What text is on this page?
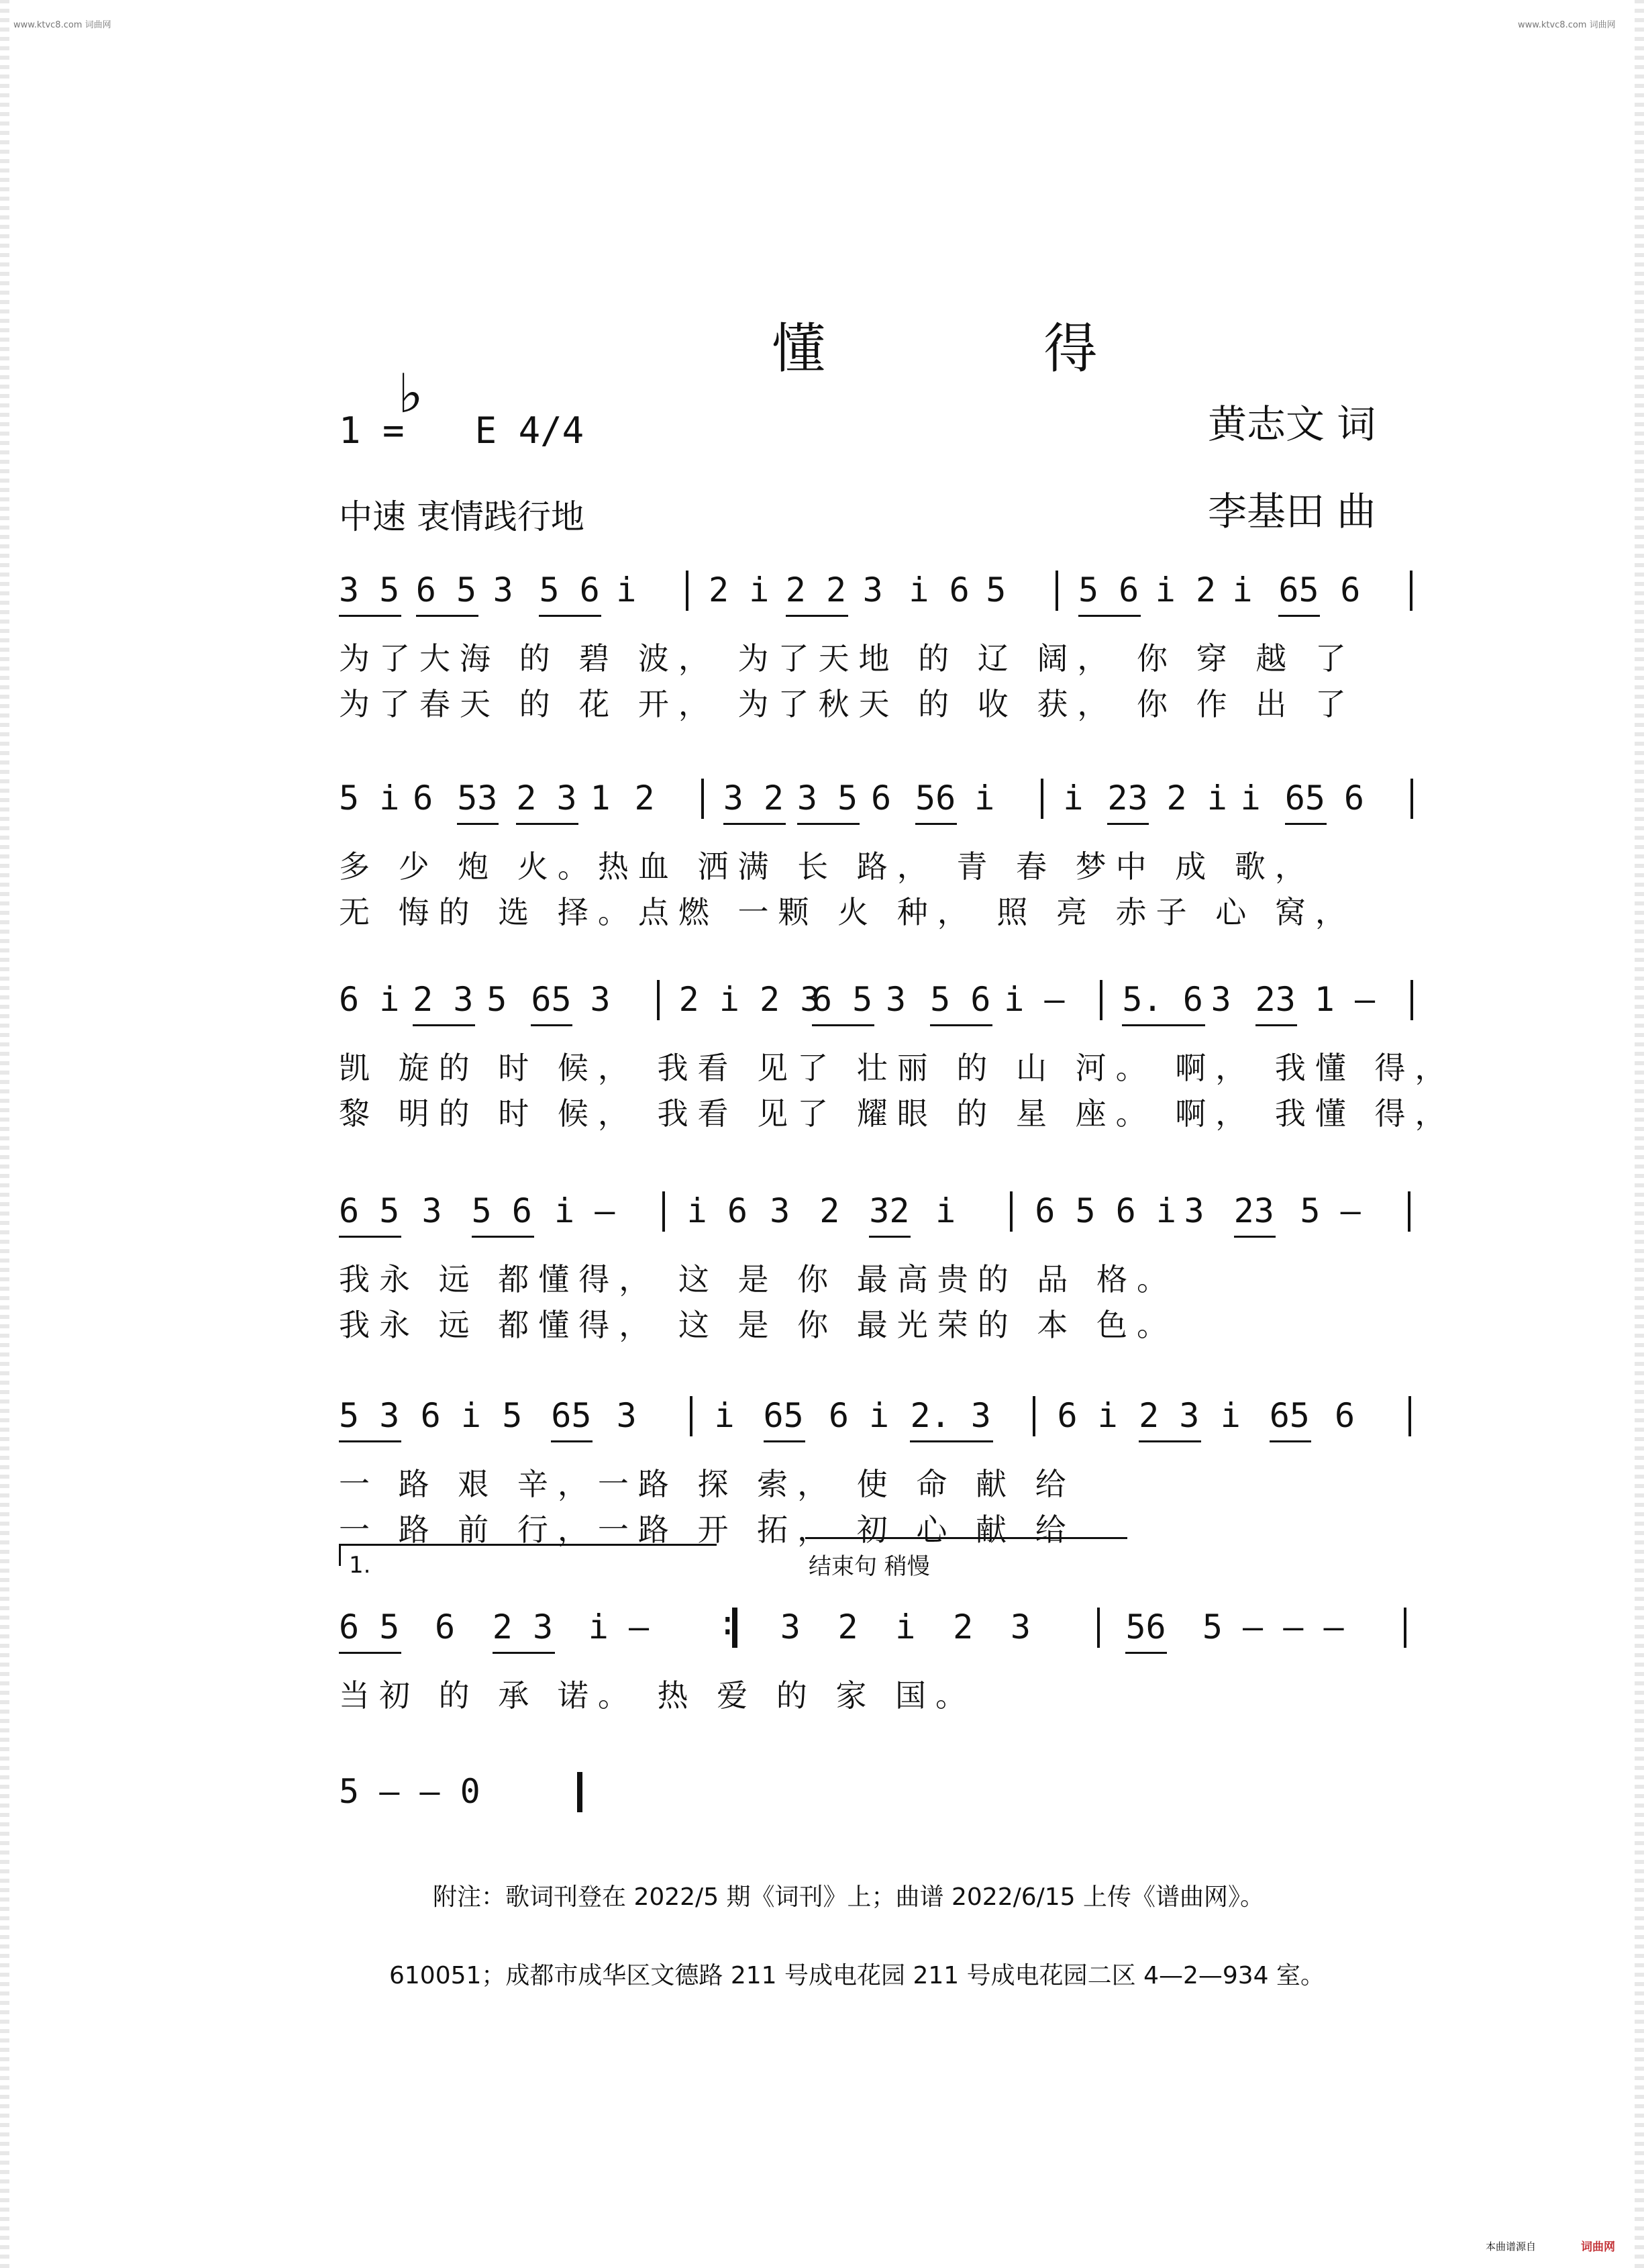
www.ktvc8.com 词曲网	www.ktvc8.com 词曲网
本曲谱源自	词曲网
懂 得
1 = E 4/4
♭
中速 衷情践行地
黄志文 词
李基田 曲
3 5 6 5 3 5 6 i 2 i 2 2 3 i 6 5 5 6 i 2 i 65 6
为了大海 的 碧 波， 为了天地 的 辽 阔， 你 穿 越 了
为了春天 的 花 开， 为了秋天 的 收 获， 你 作 出 了
5 i 6 53 2 3 1 2 3 2 3 5 6 56 i i 23 2 i i 65 6
多 少 炮 火。热血 洒满 长 路， 青 春 梦中 成 歌，
无 悔的 选 择。点燃 一颗 火 种， 照 亮 赤子 心 窝，
6 i 2 3 5 65 3 2 i 2 3
6 5 3 5 6 i — 5. 6 3 23 1 —
凯 旋的 时 候， 我看 见了 壮丽 的 山 河。 啊， 我懂 得，
黎 明的 时 候， 我看 见了 耀眼 的 星 座。 啊， 我懂 得，
6 5 3 5 6 i — i 6 3 2 32 i 6 5 6 i 3 23 5 —
我永 远 都懂得， 这 是 你 最高贵的 品 格。
我永 远 都懂得， 这 是 你 最光荣的 本 色。
5 3 6 i 5 65 3 i 65 6 i 2. 3 6 i 2 3 i 65 6
一 路 艰 辛，一路 探 索， 使 命 献 给
一 路 前 行，一路 开 拓， 初 心 献 给
6 5 6 2 3 i — : 3 2 i 2 3	56 5 — — —
当初 的 承 诺。 热 爱 的 家 国。
5 — — 0
1.	结束句 稍慢
附注：歌词刊登在 2022/5 期《词刊》上；曲谱 2022/6/15 上传《谱曲网》。
610051；成都市成华区文德路 211 号成电花园 211 号成电花园二区 4—2—934 室。
